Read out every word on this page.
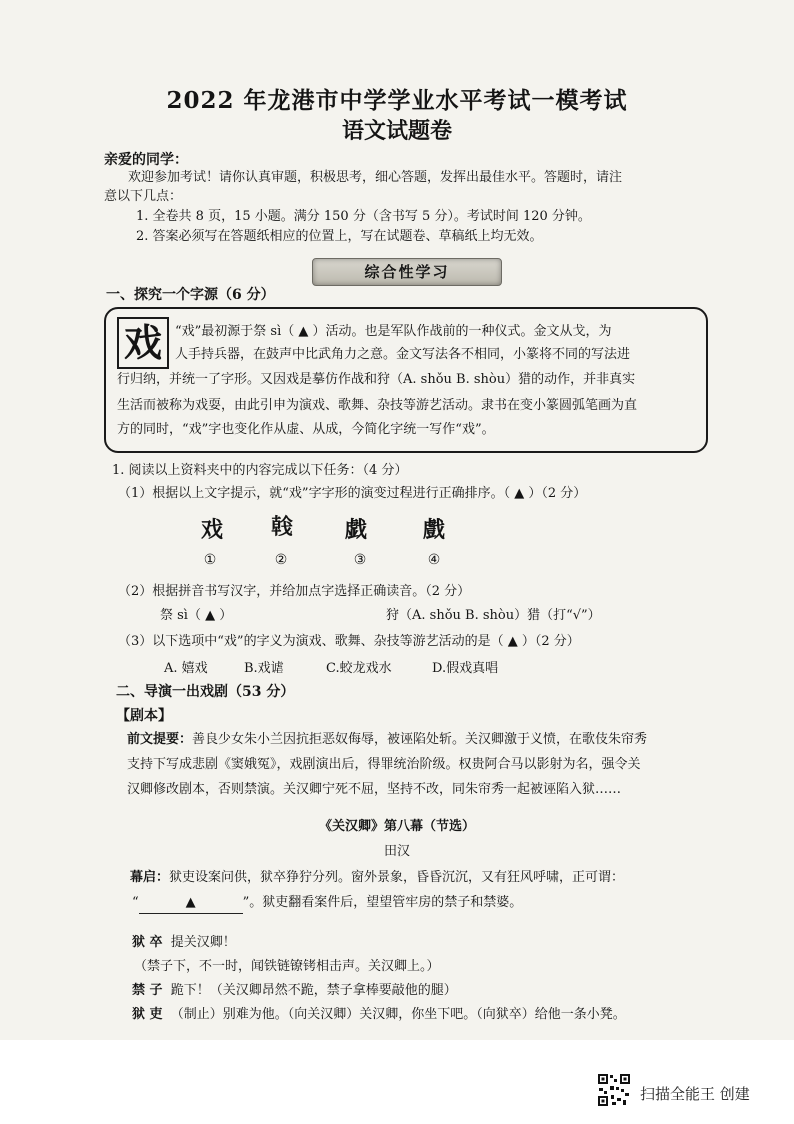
2022 年龙港市中学学业水平考试一模考试
语文试题卷
亲爱的同学：
欢迎参加考试！请你认真审题，积极思考，细心答题，发挥出最佳水平。答题时，请注
意以下几点：
1. 全卷共 8 页，15 小题。满分 150 分（含书写 5 分）。考试时间 120 分钟。
2. 答案必须写在答题纸相应的位置上，写在试题卷、草稿纸上均无效。
综合性学习
一、探究一个字源（6 分）
戏	“戏”最初源于祭 sì（ ▲ ）活动。也是军队作战前的一种仪式。金文从戈，为
人手持兵器，在鼓声中比武角力之意。金文写法各不相同，小篆将不同的写法进
行归纳，并统一了字形。又因戏是摹仿作战和狩（A. shǒu B. shòu）猎的动作，并非真实
生活而被称为戏耍，由此引申为演戏、歌舞、杂技等游艺活动。隶书在变小篆圆弧笔画为直
方的同时，“戏”字也变化作从虚、从成，今简化字统一写作“戏”。
1. 阅读以上资料夹中的内容完成以下任务：（4 分）
（1）根据以上文字提示，就“戏”字字形的演变过程进行正确排序。（ ▲ ）（2 分）
戏	𢧢	戯	戲
①	②	③	④
（2）根据拼音书写汉字，并给加点字选择正确读音。（2 分）
祭 sì（ ▲ ）	狩（A. shǒu B. shòu）猎（打“√”）
（3）以下选项中“戏”的字义为演戏、歌舞、杂技等游艺活动的是（ ▲ ）（2 分）
A. 嬉戏	B.戏谑	C.蛟龙戏水	D.假戏真唱
二、导演一出戏剧（53 分）
【剧本】
前文提要：善良少女朱小兰因抗拒恶奴侮辱，被诬陷处斩。关汉卿激于义愤，在歌伎朱帘秀
支持下写成悲剧《窦娥冤》，戏剧演出后，得罪统治阶级。权贵阿合马以影射为名，强令关
汉卿修改剧本，否则禁演。关汉卿宁死不屈，坚持不改，同朱帘秀一起被诬陷入狱……
《关汉卿》第八幕（节选）
田汉
幕启：狱吏设案问供，狱卒狰狞分列。窗外景象，昏昏沉沉，又有狂风呼啸，正可谓：
“	▲	”。狱吏翻看案件后，望望管牢房的禁子和禁婆。
狱 卒 提关汉卿！
（禁子下，不一时，闻铁链镣铐相击声。关汉卿上。）
禁 子 跪下！（关汉卿昂然不跪，禁子拿棒要敲他的腿）
狱 吏 （制止）别难为他。（向关汉卿）关汉卿，你坐下吧。（向狱卒）给他一条小凳。
扫描全能王 创建
